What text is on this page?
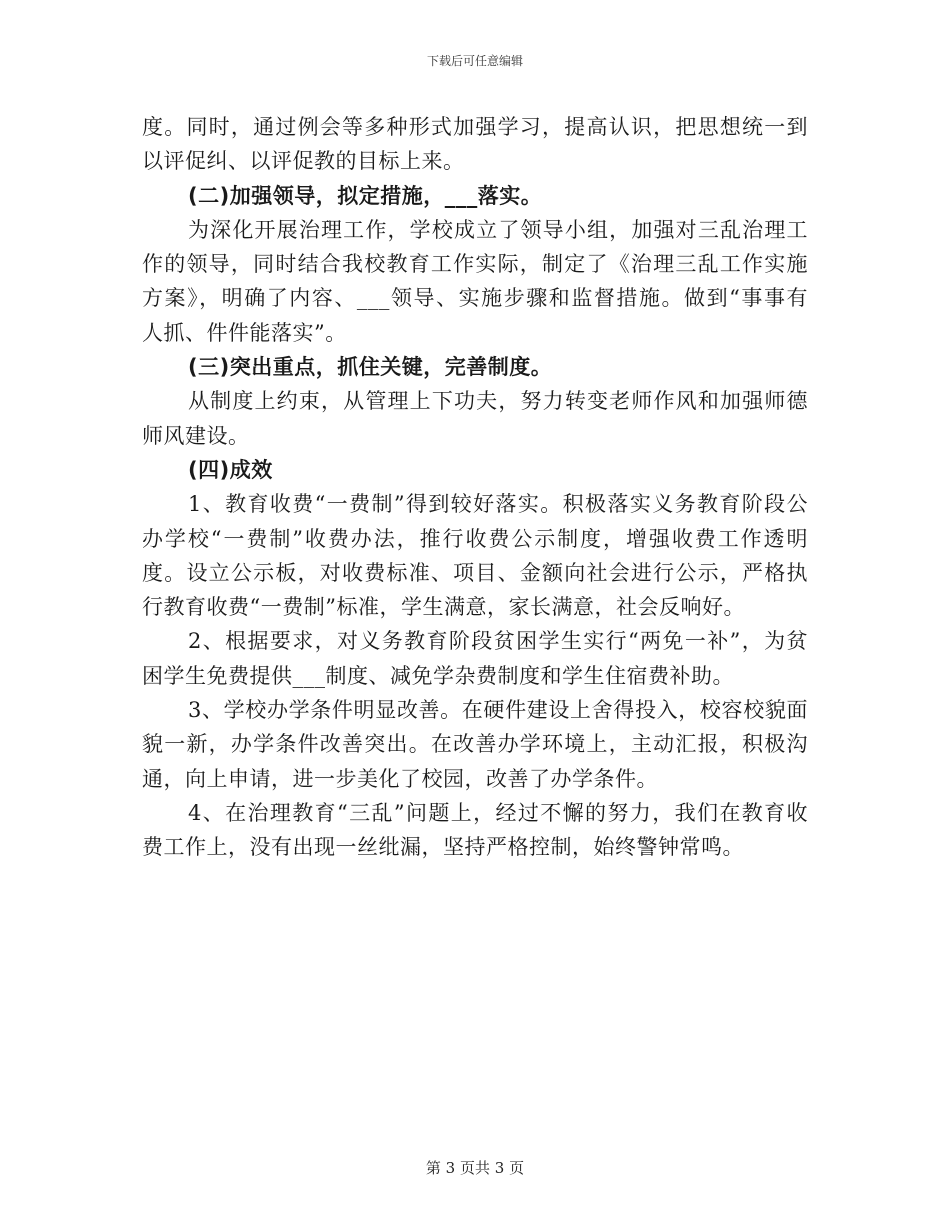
下载后可任意编辑
度。同时，通过例会等多种形式加强学习，提高认识，把思想统一到
以评促纠、以评促教的目标上来。
(二)加强领导，拟定措施，___落实。
为深化开展治理工作，学校成立了领导小组，加强对三乱治理工
作的领导，同时结合我校教育工作实际，制定了《治理三乱工作实施
方案》，明确了内容、___领导、实施步骤和监督措施。做到“事事有
人抓、件件能落实”。
(三)突出重点，抓住关键，完善制度。
从制度上约束，从管理上下功夫，努力转变老师作风和加强师德
师风建设。
(四)成效
1、教育收费“一费制”得到较好落实。积极落实义务教育阶段公
办学校“一费制”收费办法，推行收费公示制度，增强收费工作透明
度。设立公示板，对收费标准、项目、金额向社会进行公示，严格执
行教育收费“一费制”标准，学生满意，家长满意，社会反响好。
2、根据要求，对义务教育阶段贫困学生实行“两免一补”，为贫
困学生免费提供___制度、减免学杂费制度和学生住宿费补助。
3、学校办学条件明显改善。在硬件建设上舍得投入，校容校貌面
貌一新，办学条件改善突出。在改善办学环境上，主动汇报，积极沟
通，向上申请，进一步美化了校园，改善了办学条件。
4、在治理教育“三乱”问题上，经过不懈的努力，我们在教育收
费工作上，没有出现一丝纰漏，坚持严格控制，始终警钟常鸣。
第 3 页共 3 页
